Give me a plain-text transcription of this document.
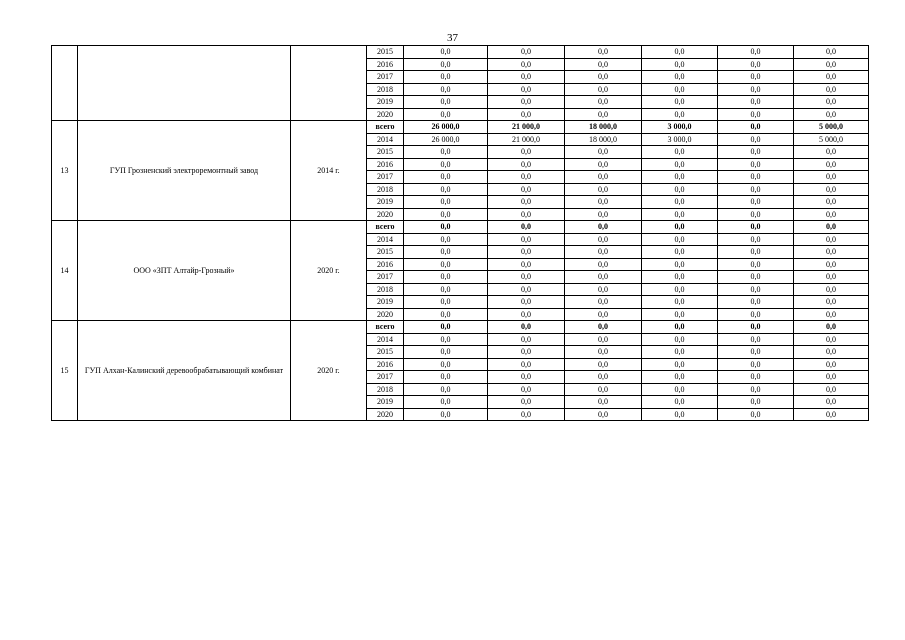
37
			2015	0,0	0,0	0,0	0,0	0,0	0,0
			2016	0,0	0,0	0,0	0,0	0,0	0,0
			2017	0,0	0,0	0,0	0,0	0,0	0,0
			2018	0,0	0,0	0,0	0,0	0,0	0,0
			2019	0,0	0,0	0,0	0,0	0,0	0,0
			2020	0,0	0,0	0,0	0,0	0,0	0,0
13	ГУП Грозненский электроремонтный завод	2014 г.	всего	26 000,0	21 000,0	18 000,0	3 000,0	0,0	5 000,0
			2014	26 000,0	21 000,0	18 000,0	3 000,0	0,0	5 000,0
			2015	0,0	0,0	0,0	0,0	0,0	0,0
			2016	0,0	0,0	0,0	0,0	0,0	0,0
			2017	0,0	0,0	0,0	0,0	0,0	0,0
			2018	0,0	0,0	0,0	0,0	0,0	0,0
			2019	0,0	0,0	0,0	0,0	0,0	0,0
			2020	0,0	0,0	0,0	0,0	0,0	0,0
14	ООО «ЗПТ Алтайр-Грозный»	2020 г.	всего	0,0	0,0	0,0	0,0	0,0	0,0
			2014	0,0	0,0	0,0	0,0	0,0	0,0
			2015	0,0	0,0	0,0	0,0	0,0	0,0
			2016	0,0	0,0	0,0	0,0	0,0	0,0
			2017	0,0	0,0	0,0	0,0	0,0	0,0
			2018	0,0	0,0	0,0	0,0	0,0	0,0
			2019	0,0	0,0	0,0	0,0	0,0	0,0
			2020	0,0	0,0	0,0	0,0	0,0	0,0
15	ГУП Алхан-Калинский деревообрабатывающий комбинат	2020 г.	всего	0,0	0,0	0,0	0,0	0,0	0,0
			2014	0,0	0,0	0,0	0,0	0,0	0,0
			2015	0,0	0,0	0,0	0,0	0,0	0,0
			2016	0,0	0,0	0,0	0,0	0,0	0,0
			2017	0,0	0,0	0,0	0,0	0,0	0,0
			2018	0,0	0,0	0,0	0,0	0,0	0,0
			2019	0,0	0,0	0,0	0,0	0,0	0,0
			2020	0,0	0,0	0,0	0,0	0,0	0,0
